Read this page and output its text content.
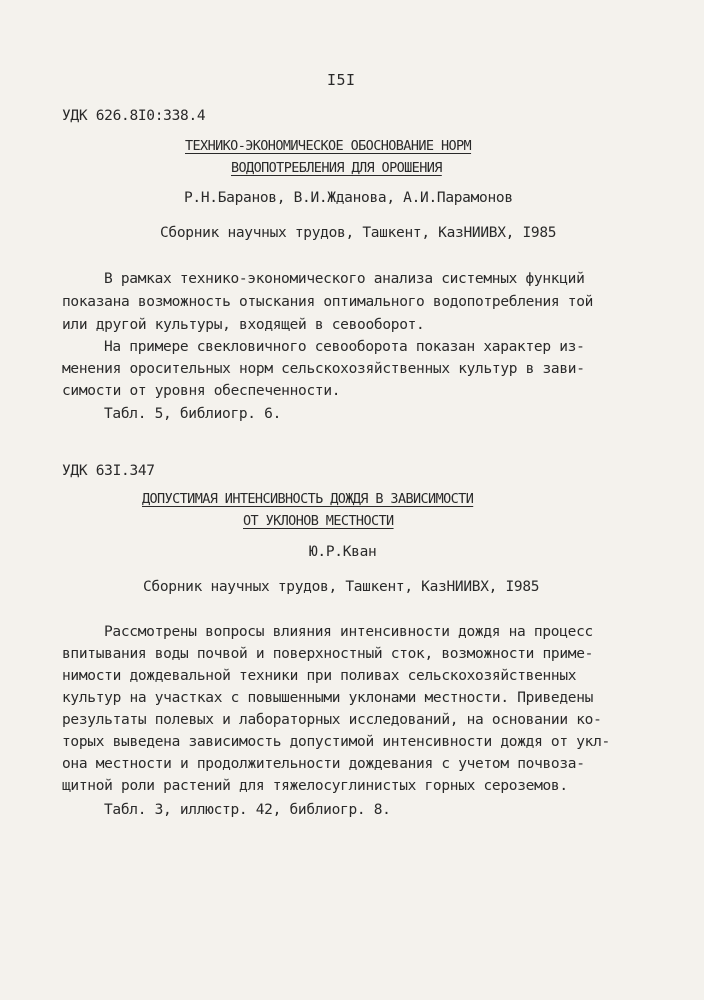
I5I
УДК 626.8I0:338.4
ТЕХНИКО-ЭКОНОМИЧЕСКОЕ ОБОСНОВАНИЕ НОРМ
ВОДОПОТРЕБЛЕНИЯ ДЛЯ ОРОШЕНИЯ
Р.Н.Баранов, В.И.Жданова, А.И.Парамонов
Сборник научных трудов, Ташкент, КазНИИВХ, I985
В рамках технико-экономического анализа системных функций
показана возможность отыскания оптимального водопотребления той
или другой культуры, входящей в севооборот.
На примере свекловичного севооборота показан характер из-
менения оросительных норм сельскохозяйственных культур в зави-
симости от уровня обеспеченности.
Табл. 5, библиогр. 6.
УДК 63I.347
ДОПУСТИМАЯ ИНТЕНСИВНОСТЬ ДОЖДЯ В ЗАВИСИМОСТИ
ОТ УКЛОНОВ МЕСТНОСТИ
Ю.Р.Кван
Сборник научных трудов, Ташкент, КазНИИВХ, I985
Рассмотрены вопросы влияния интенсивности дождя на процесс
впитывания воды почвой и поверхностный сток, возможности приме-
нимости дождевальной техники при поливах сельскохозяйственных
культур на участках с повышенными уклонами местности. Приведены
результаты полевых и лабораторных исследований, на основании ко-
торых выведена зависимость допустимой интенсивности дождя от укл-
она местности и продолжительности дождевания с учетом почвоза-
щитной роли растений для тяжелосуглинистых горных сероземов.
Табл. 3, иллюстр. 42, библиогр. 8.
